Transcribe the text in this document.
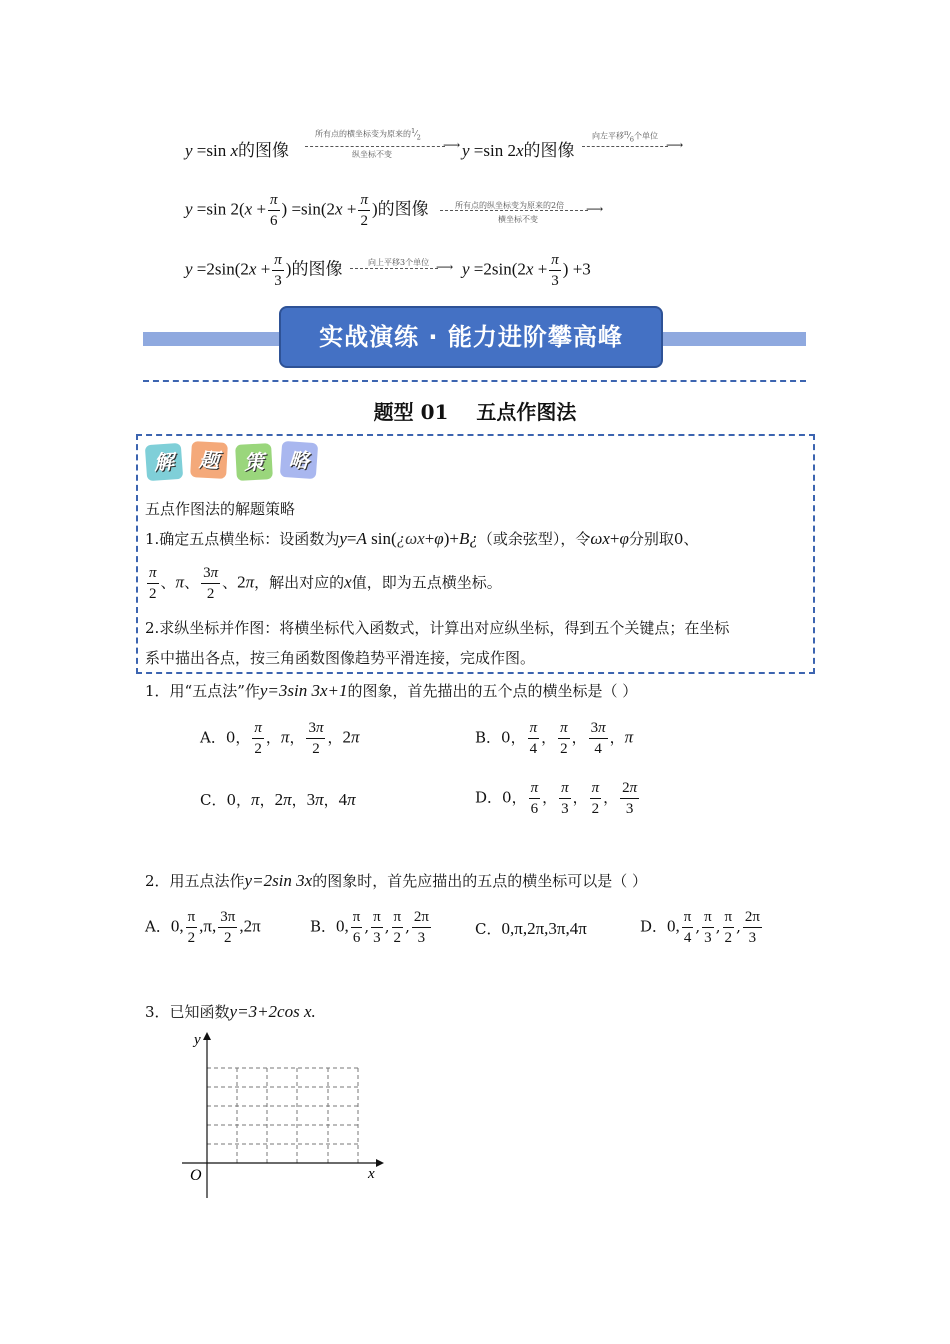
y =sin x的图像
所有点的横坐标变为原来的$^1⁄_2$
⟶
纵坐标不变	y =sin 2x的图像
向左平移$^\pi⁄_6$个单位
⟶
y =sin $2(x + \frac{\pi}{6}$ ) $=\sin(2x + \frac{\pi}{2}$ )的图像	所有点的纵坐标变为原来的2倍 ⟶
横坐标不变
$y =2\sin(2x + \frac{\pi}{3}$ )的图像	向上平移3个单位 ⟶ $y =2\sin(2x + \frac{\pi}{3}$ ) +3
实战演练 · 能力进阶攀高峰
题型 01    五点作图法
解	题	策	略
五点作图法的解题策略
1.确定五点横坐标：设函数为y=A sin(¿ωx+φ)+B¿（或余弦型），令ωx+φ分别取0、
$\frac{\pi}{2}$ 、π、 $\frac{3\pi}{2}$ 、2π，解出对应的x值，即为五点横坐标。
2.求纵坐标并作图：将横坐标代入函数式，计算出对应纵坐标，得到五个关键点；在坐标
系中描出各点，按三角函数图像趋势平滑连接，完成作图。
1．用“五点法”作y=3sin 3x+1的图象，首先描出的五个点的横坐标是（ ）
A．0， $\frac{\pi}{2}$ ，π， $\frac{3\pi}{2}$ ，2π	B．0， $\frac{\pi}{4}$ ， $\frac{\pi}{2}$ ， $\frac{3\pi}{4}$ ，π
C．0，π，2π，3π，4π	D．0， $\frac{\pi}{6}$ ， $\frac{\pi}{3}$ ， $\frac{\pi}{2}$ ， $\frac{2\pi}{3}$
2．用五点法作y=2sin 3x的图象时，首先应描出的五点的横坐标可以是（ ）
A．0, $\frac{\pi}{2} ,\pi$, $\frac{3\pi}{2} ,2\pi$	B．0, $\frac{\pi}{6}$ , $\frac{\pi}{3}$ , $\frac{\pi}{2}$ , $\frac{2\pi}{3}$	C．0,π,2π,3π,4π	D．0, $\frac{\pi}{4}$ , $\frac{\pi}{3}$ , $\frac{\pi}{2}$ , $\frac{2\pi}{3}$
3．已知函数y=3+2cos x.
y
x
O
